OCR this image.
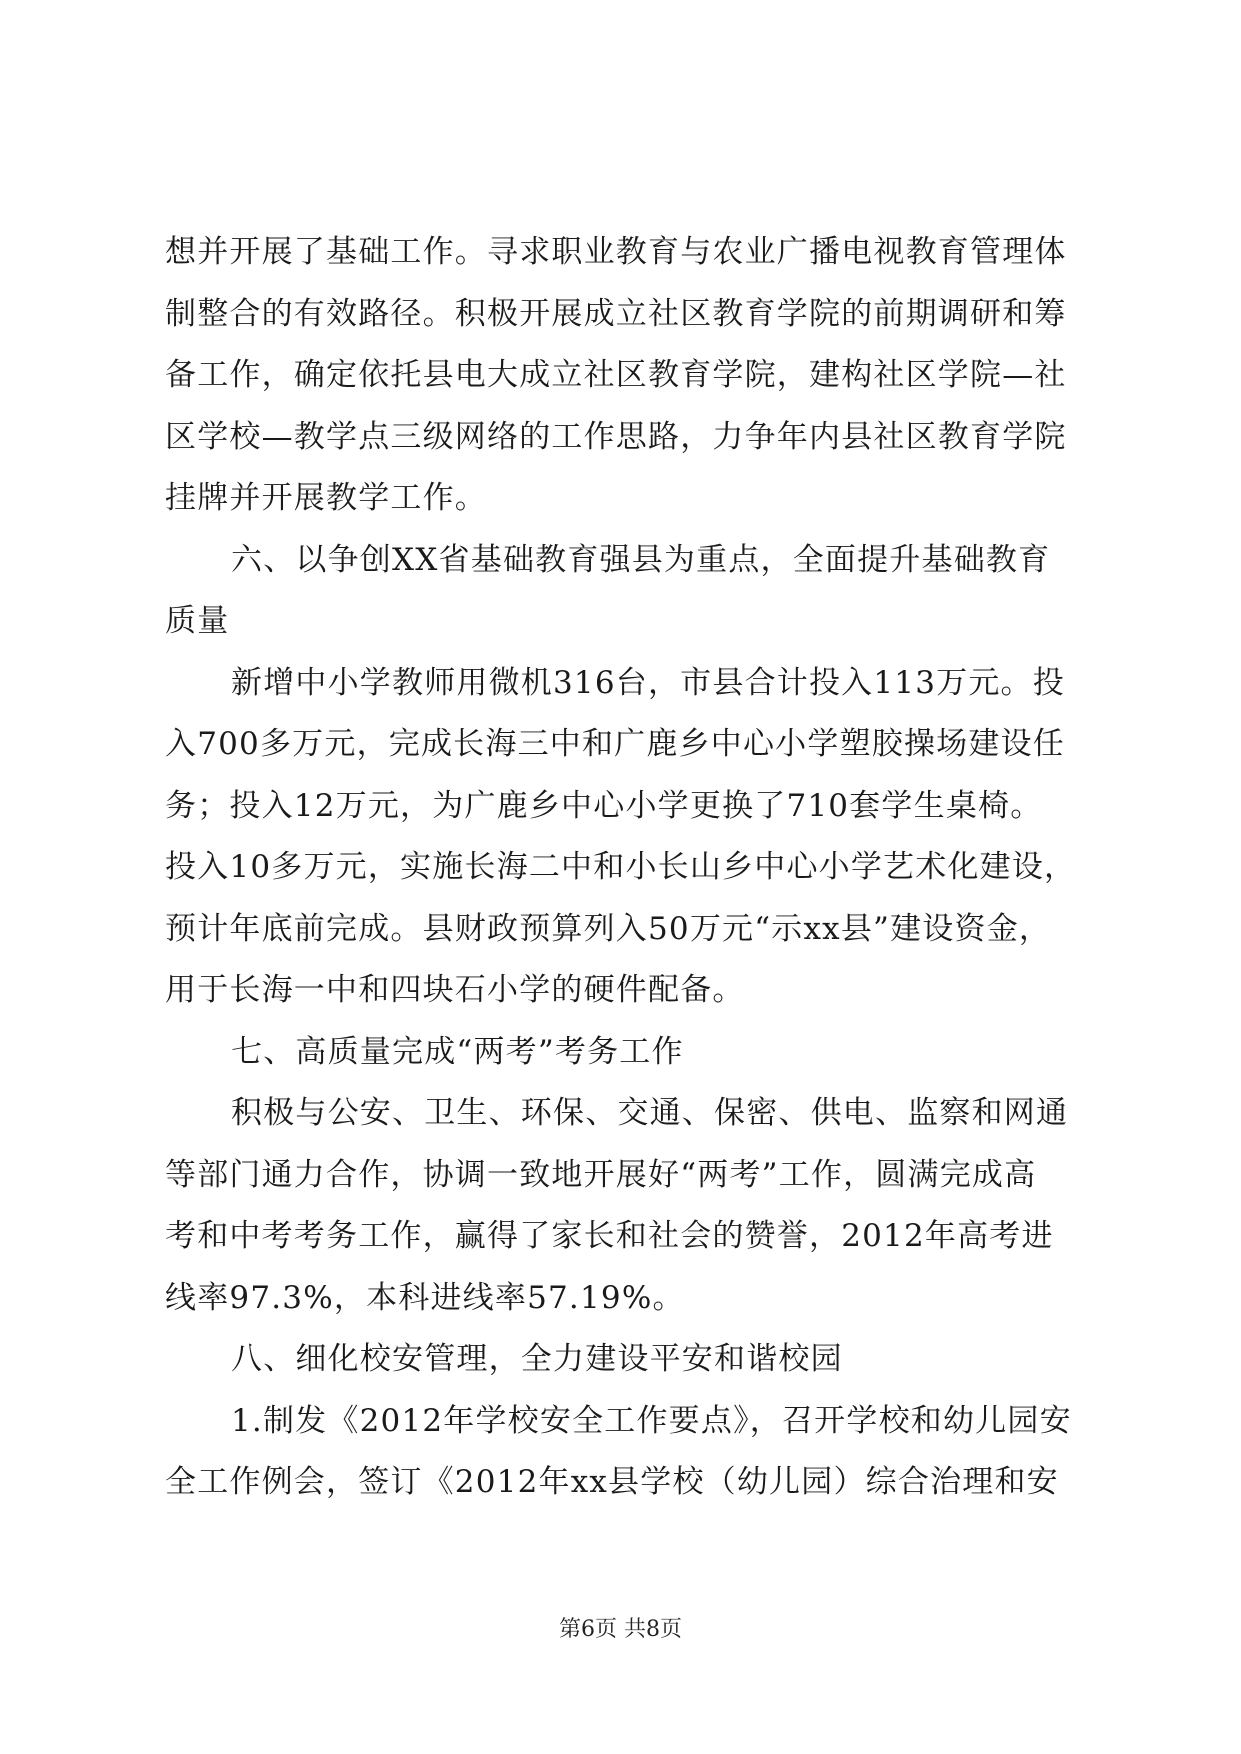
想并开展了基础工作。寻求职业教育与农业广播电视教育管理体
制整合的有效路径。积极开展成立社区教育学院的前期调研和筹
备工作，确定依托县电大成立社区教育学院，建构社区学院—社
区学校—教学点三级网络的工作思路，力争年内县社区教育学院
挂牌并开展教学工作。
六、以争创XX省基础教育强县为重点，全面提升基础教育
质量
新增中小学教师用微机316台，市县合计投入113万元。投
入700多万元，完成长海三中和广鹿乡中心小学塑胶操场建设任
务；投入12万元，为广鹿乡中心小学更换了710套学生桌椅。
投入10多万元，实施长海二中和小长山乡中心小学艺术化建设，
预计年底前完成。县财政预算列入50万元“示xx县”建设资金，
用于长海一中和四块石小学的硬件配备。
七、高质量完成“两考”考务工作
积极与公安、卫生、环保、交通、保密、供电、监察和网通
等部门通力合作，协调一致地开展好“两考”工作，圆满完成高
考和中考考务工作，赢得了家长和社会的赞誉，2012年高考进
线率97.3%，本科进线率57.19%。
八、细化校安管理，全力建设平安和谐校园
1.制发《2012年学校安全工作要点》，召开学校和幼儿园安
全工作例会，签订《2012年xx县学校（幼儿园）综合治理和安
第6页 共8页
